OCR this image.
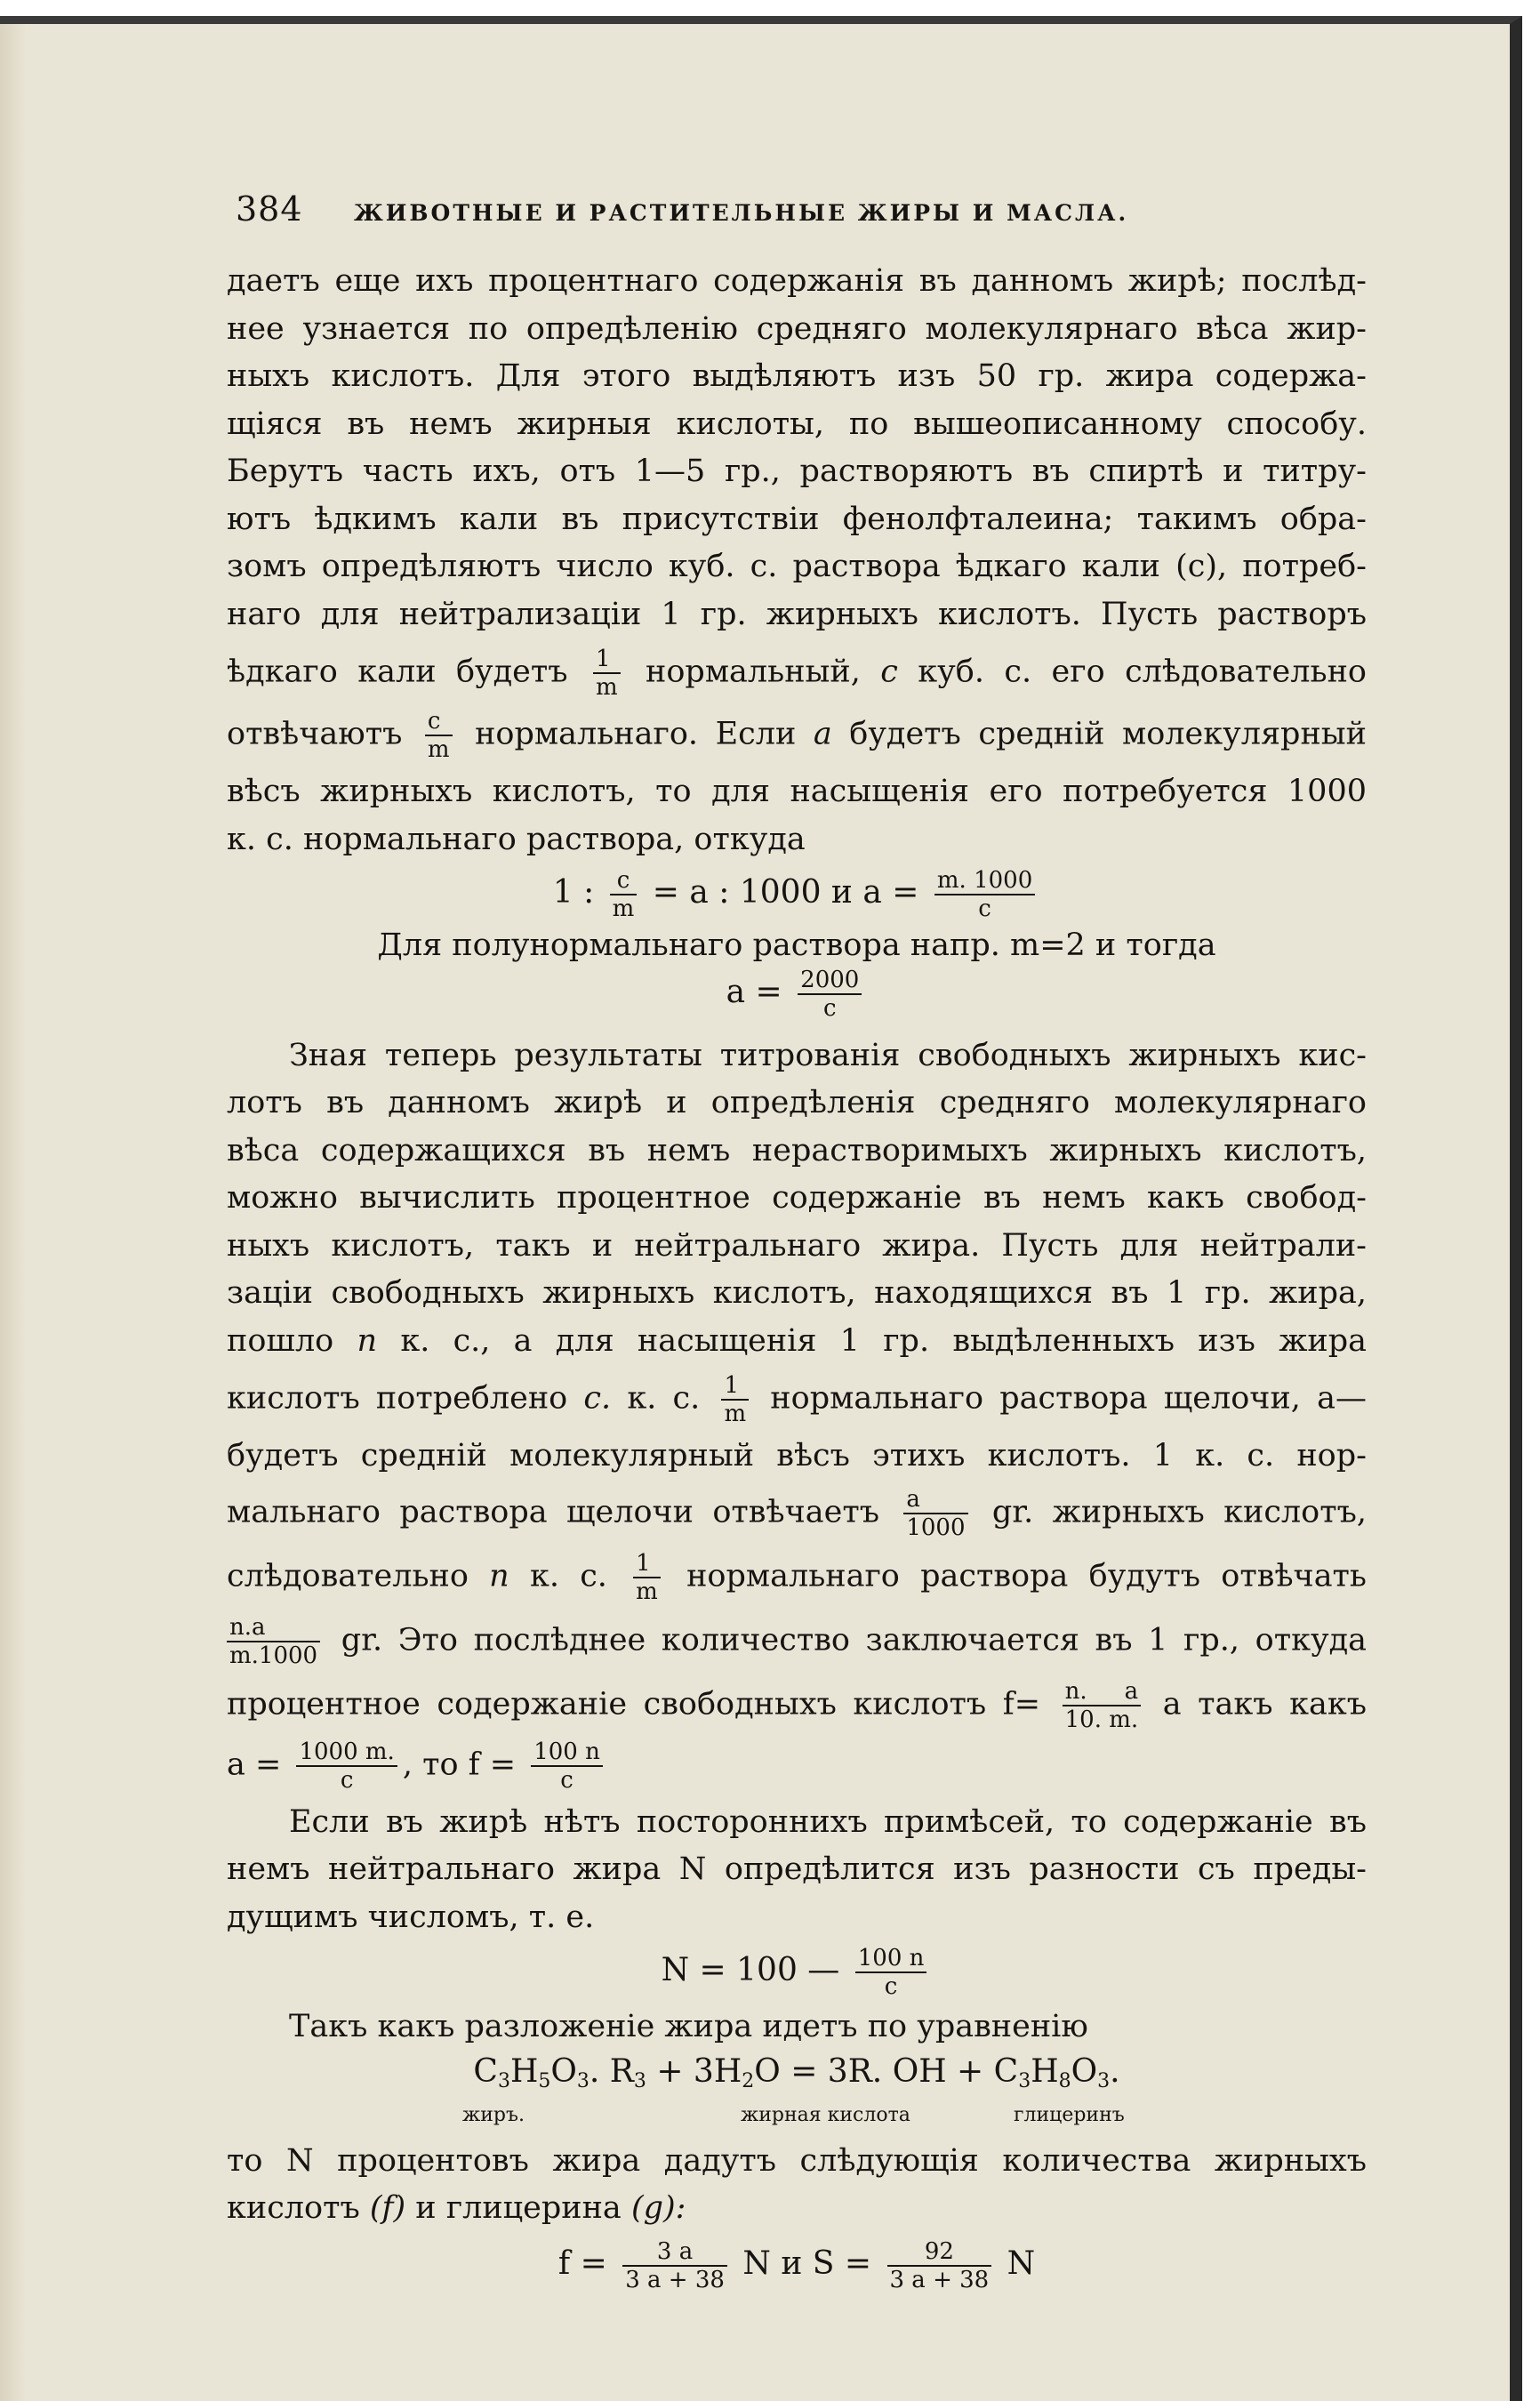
384 ЖИВОТНЫЕ И РАСТИТЕЛЬНЫЕ ЖИРЫ И МАСЛА.
даетъ еще ихъ процентнаго содержанія въ данномъ жирѣ; послѣд-
нее узнается по опредѣленію средняго молекулярнаго вѣса жир-
ныхъ кислотъ. Для этого выдѣляютъ изъ 50 гр. жира содержа-
щіяся въ немъ жирныя кислоты, по вышеописанному способу.
Берутъ часть ихъ, отъ 1—5 гр., растворяютъ въ спиртѣ и титру-
ютъ ѣдкимъ кали въ присутствіи фенолфталеина; такимъ обра-
зомъ опредѣляютъ число куб. с. раствора ѣдкаго кали (с), потреб-
наго для нейтрализаціи 1 гр. жирныхъ кислотъ. Пусть растворъ
ѣдкаго кали будетъ $\frac{1}{m}$ нормальный, c куб. с. его слѣдовательно
отвѣчаютъ $\frac{c}{m}$ нормальнаго. Если a будетъ средній молекулярный
вѣсъ жирныхъ кислотъ, то для насыщенія его потребуется 1000
к. с. нормальнаго раствора, откуда
1 : $\frac{c}{m} = a$ : 1000 и $a = \frac{m. 1000}{c}$
Для полунормальнаго раствора напр. m=2 и тогда
$a = \frac{2000}{c}$
Зная теперь результаты титрованія свободныхъ жирныхъ кис-
лотъ въ данномъ жирѣ и опредѣленія средняго молекулярнаго
вѣса содержащихся въ немъ нерастворимыхъ жирныхъ кислотъ,
можно вычислить процентное содержаніе въ немъ какъ свобод-
ныхъ кислотъ, такъ и нейтральнаго жира. Пусть для нейтрали-
заціи свободныхъ жирныхъ кислотъ, находящихся въ 1 гр. жира,
пошло n к. с., а для насыщенія 1 гр. выдѣленныхъ изъ жира
кислотъ потреблено c. к. с. $\frac{1}{m}$ нормальнаго раствора щелочи, a—
будетъ средній молекулярный вѣсъ этихъ кислотъ. 1 к. с. нор-
мальнаго раствора щелочи отвѣчаетъ $\frac{a}{1000}$ gr. жирныхъ кислотъ,
слѣдовательно n к. с. $\frac{1}{m}$ нормальнаго раствора будутъ отвѣчать
$\frac{n.a}{m.1000}$ gr. Это послѣднее количество заключается въ 1 гр., откуда
процентное содержаніе свободныхъ кислотъ $f= \frac{n. a}{10. m.}$ а такъ какъ
$a = \frac{1000 m.}{c}$ , то $f = \frac{100 n}{c}$
Если въ жирѣ нѣтъ постороннихъ примѣсей, то содержаніе въ
немъ нейтральнаго жира N опредѣлится изъ разности съ преды-
дущимъ числомъ, т. е.
N = 100 — $\frac{100 n}{c}$
Такъ какъ разложеніе жира идетъ по уравненію
$C_3H_5O_3$. $R_3 + 3H_2O = 3R$. OH + $C_3H_8O_3$.
жиръ.	жирная кислота	глицеринъ
то N процентовъ жира дадутъ слѣдующія количества жирныхъ
кислотъ (f) и глицерина (g):
$f = \frac{3 a}{3 a + 38}$ N и $S = \frac{92}{3 a + 38}$ N
